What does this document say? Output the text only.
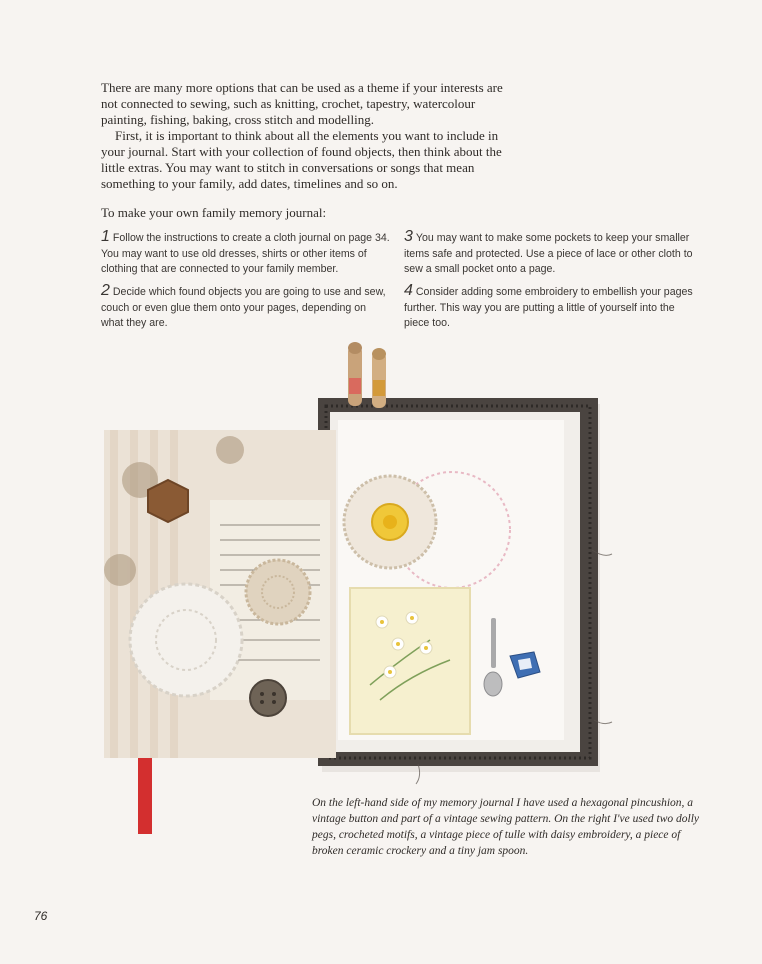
There are many more options that can be used as a theme if your interests are not connected to sewing, such as knitting, crochet, tapestry, watercolour painting, fishing, baking, cross stitch and modelling.

First, it is important to think about all the elements you want to include in your journal. Start with your collection of found objects, then think about the little extras. You may want to stitch in conversations or songs that mean something to your family, add dates, timelines and so on.

To make your own family memory journal:

1 Follow the instructions to create a cloth journal on page 34. You may want to use old dresses, shirts or other items of clothing that are connected to your family member.
2 Decide which found objects you are going to use and sew, couch or even glue them onto your pages, depending on what they are.
3 You may want to make some pockets to keep your smaller items safe and protected. Use a piece of lace or other cloth to sew a small pocket onto a page.
4 Consider adding some embroidery to embellish your pages further. This way you are putting a little of yourself into the piece too.
On the left-hand side of my memory journal I have used a hexagonal pincushion, a vintage button and part of a vintage sewing pattern. On the right I've used two dolly pegs, crocheted motifs, a vintage piece of tulle with daisy embroidery, a piece of broken ceramic crockery and a tiny jam spoon.
76
